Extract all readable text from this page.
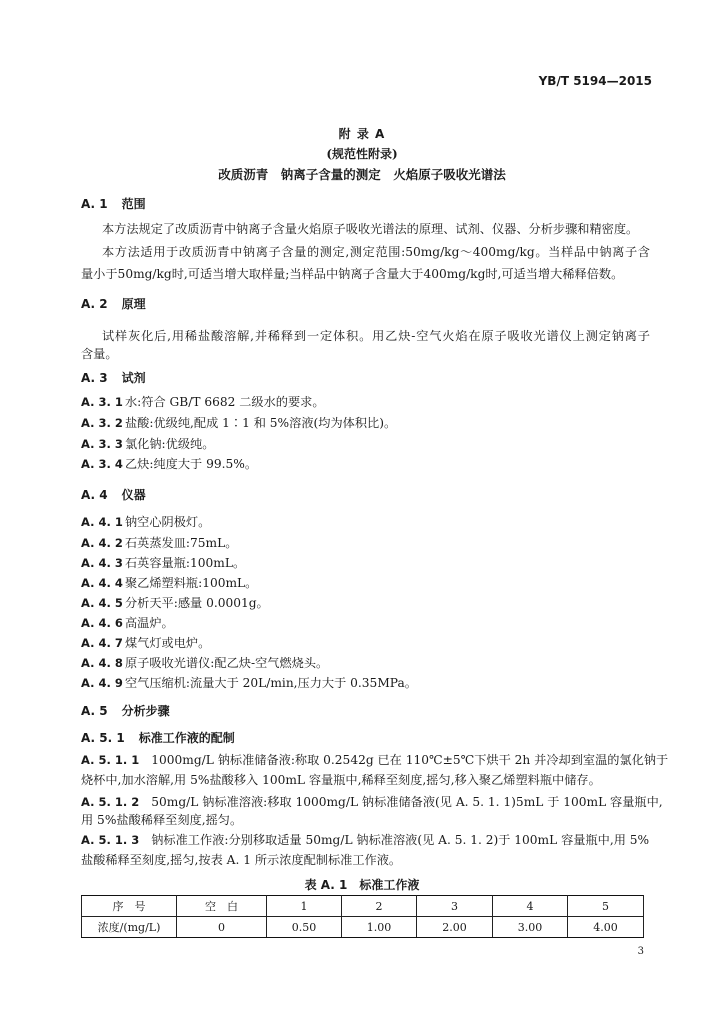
YB/T 5194—2015
附 录 A
(规范性附录)
改质沥青　钠离子含量的测定　火焰原子吸收光谱法
A. 1 范围
本方法规定了改质沥青中钠离子含量火焰原子吸收光谱法的原理、试剂、仪器、分析步骤和精密度。
本方法适用于改质沥青中钠离子含量的测定,测定范围:50mg/kg～400mg/kg。当样品中钠离子含
量小于50mg/kg时,可适当增大取样量;当样品中钠离子含量大于400mg/kg时,可适当增大稀释倍数。
A. 2 原理
试样灰化后,用稀盐酸溶解,并稀释到一定体积。用乙炔-空气火焰在原子吸收光谱仪上测定钠离子
含量。
A. 3 试剂
A. 3. 1 水:符合 GB/T 6682 二级水的要求。
A. 3. 2 盐酸:优级纯,配成 1∶1 和 5%溶液(均为体积比)。
A. 3. 3 氯化钠:优级纯。
A. 3. 4 乙炔:纯度大于 99.5%。
A. 4 仪器
A. 4. 1 钠空心阴极灯。
A. 4. 2 石英蒸发皿:75mL。
A. 4. 3 石英容量瓶:100mL。
A. 4. 4 聚乙烯塑料瓶:100mL。
A. 4. 5 分析天平:感量 0.0001g。
A. 4. 6 高温炉。
A. 4. 7 煤气灯或电炉。
A. 4. 8 原子吸收光谱仪:配乙炔-空气燃烧头。
A. 4. 9 空气压缩机:流量大于 20L/min,压力大于 0.35MPa。
A. 5 分析步骤
A. 5. 1 标准工作液的配制
A. 5. 1. 1 1000mg/L 钠标准储备液:称取 0.2542g 已在 110℃±5℃下烘干 2h 并冷却到室温的氯化钠于
烧杯中,加水溶解,用 5%盐酸移入 100mL 容量瓶中,稀释至刻度,摇匀,移入聚乙烯塑料瓶中储存。
A. 5. 1. 2 50mg/L 钠标准溶液:移取 1000mg/L 钠标准储备液(见 A. 5. 1. 1)5mL 于 100mL 容量瓶中,
用 5%盐酸稀释至刻度,摇匀。
A. 5. 1. 3 钠标准工作液:分别移取适量 50mg/L 钠标准溶液(见 A. 5. 1. 2)于 100mL 容量瓶中,用 5%
盐酸稀释至刻度,摇匀,按表 A. 1 所示浓度配制标准工作液。
表 A. 1　标准工作液
序　号	空　白	1	2	3	4	5
浓度/(mg/L)	0	0.50	1.00	2.00	3.00	4.00
3
